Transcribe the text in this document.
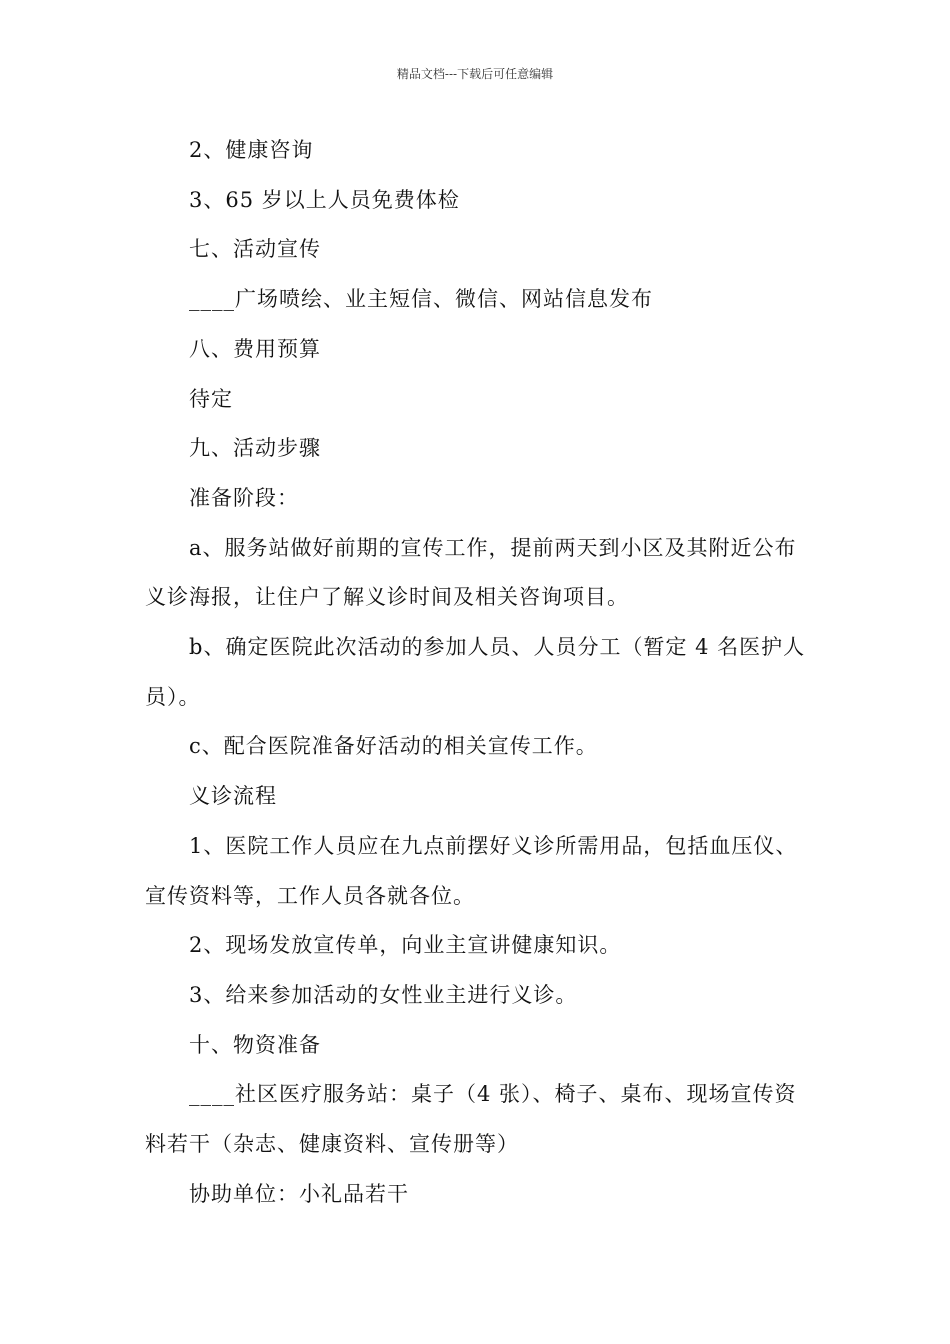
精品文档---下载后可任意编辑

2、健康咨询

3、65 岁以上人员免费体检

七、活动宣传

____广场喷绘、业主短信、微信、网站信息发布

八、费用预算

待定

九、活动步骤

准备阶段：

a、服务站做好前期的宣传工作，提前两天到小区及其附近公布义诊海报，让住户了解义诊时间及相关咨询项目。

b、确定医院此次活动的参加人员、人员分工（暂定 4 名医护人员）。

c、配合医院准备好活动的相关宣传工作。

义诊流程

1、医院工作人员应在九点前摆好义诊所需用品，包括血压仪、宣传资料等，工作人员各就各位。

2、现场发放宣传单，向业主宣讲健康知识。

3、给来参加活动的女性业主进行义诊。

十、物资准备

____社区医疗服务站：桌子（4 张）、椅子、桌布、现场宣传资料若干（杂志、健康资料、宣传册等）

协助单位：小礼品若干
